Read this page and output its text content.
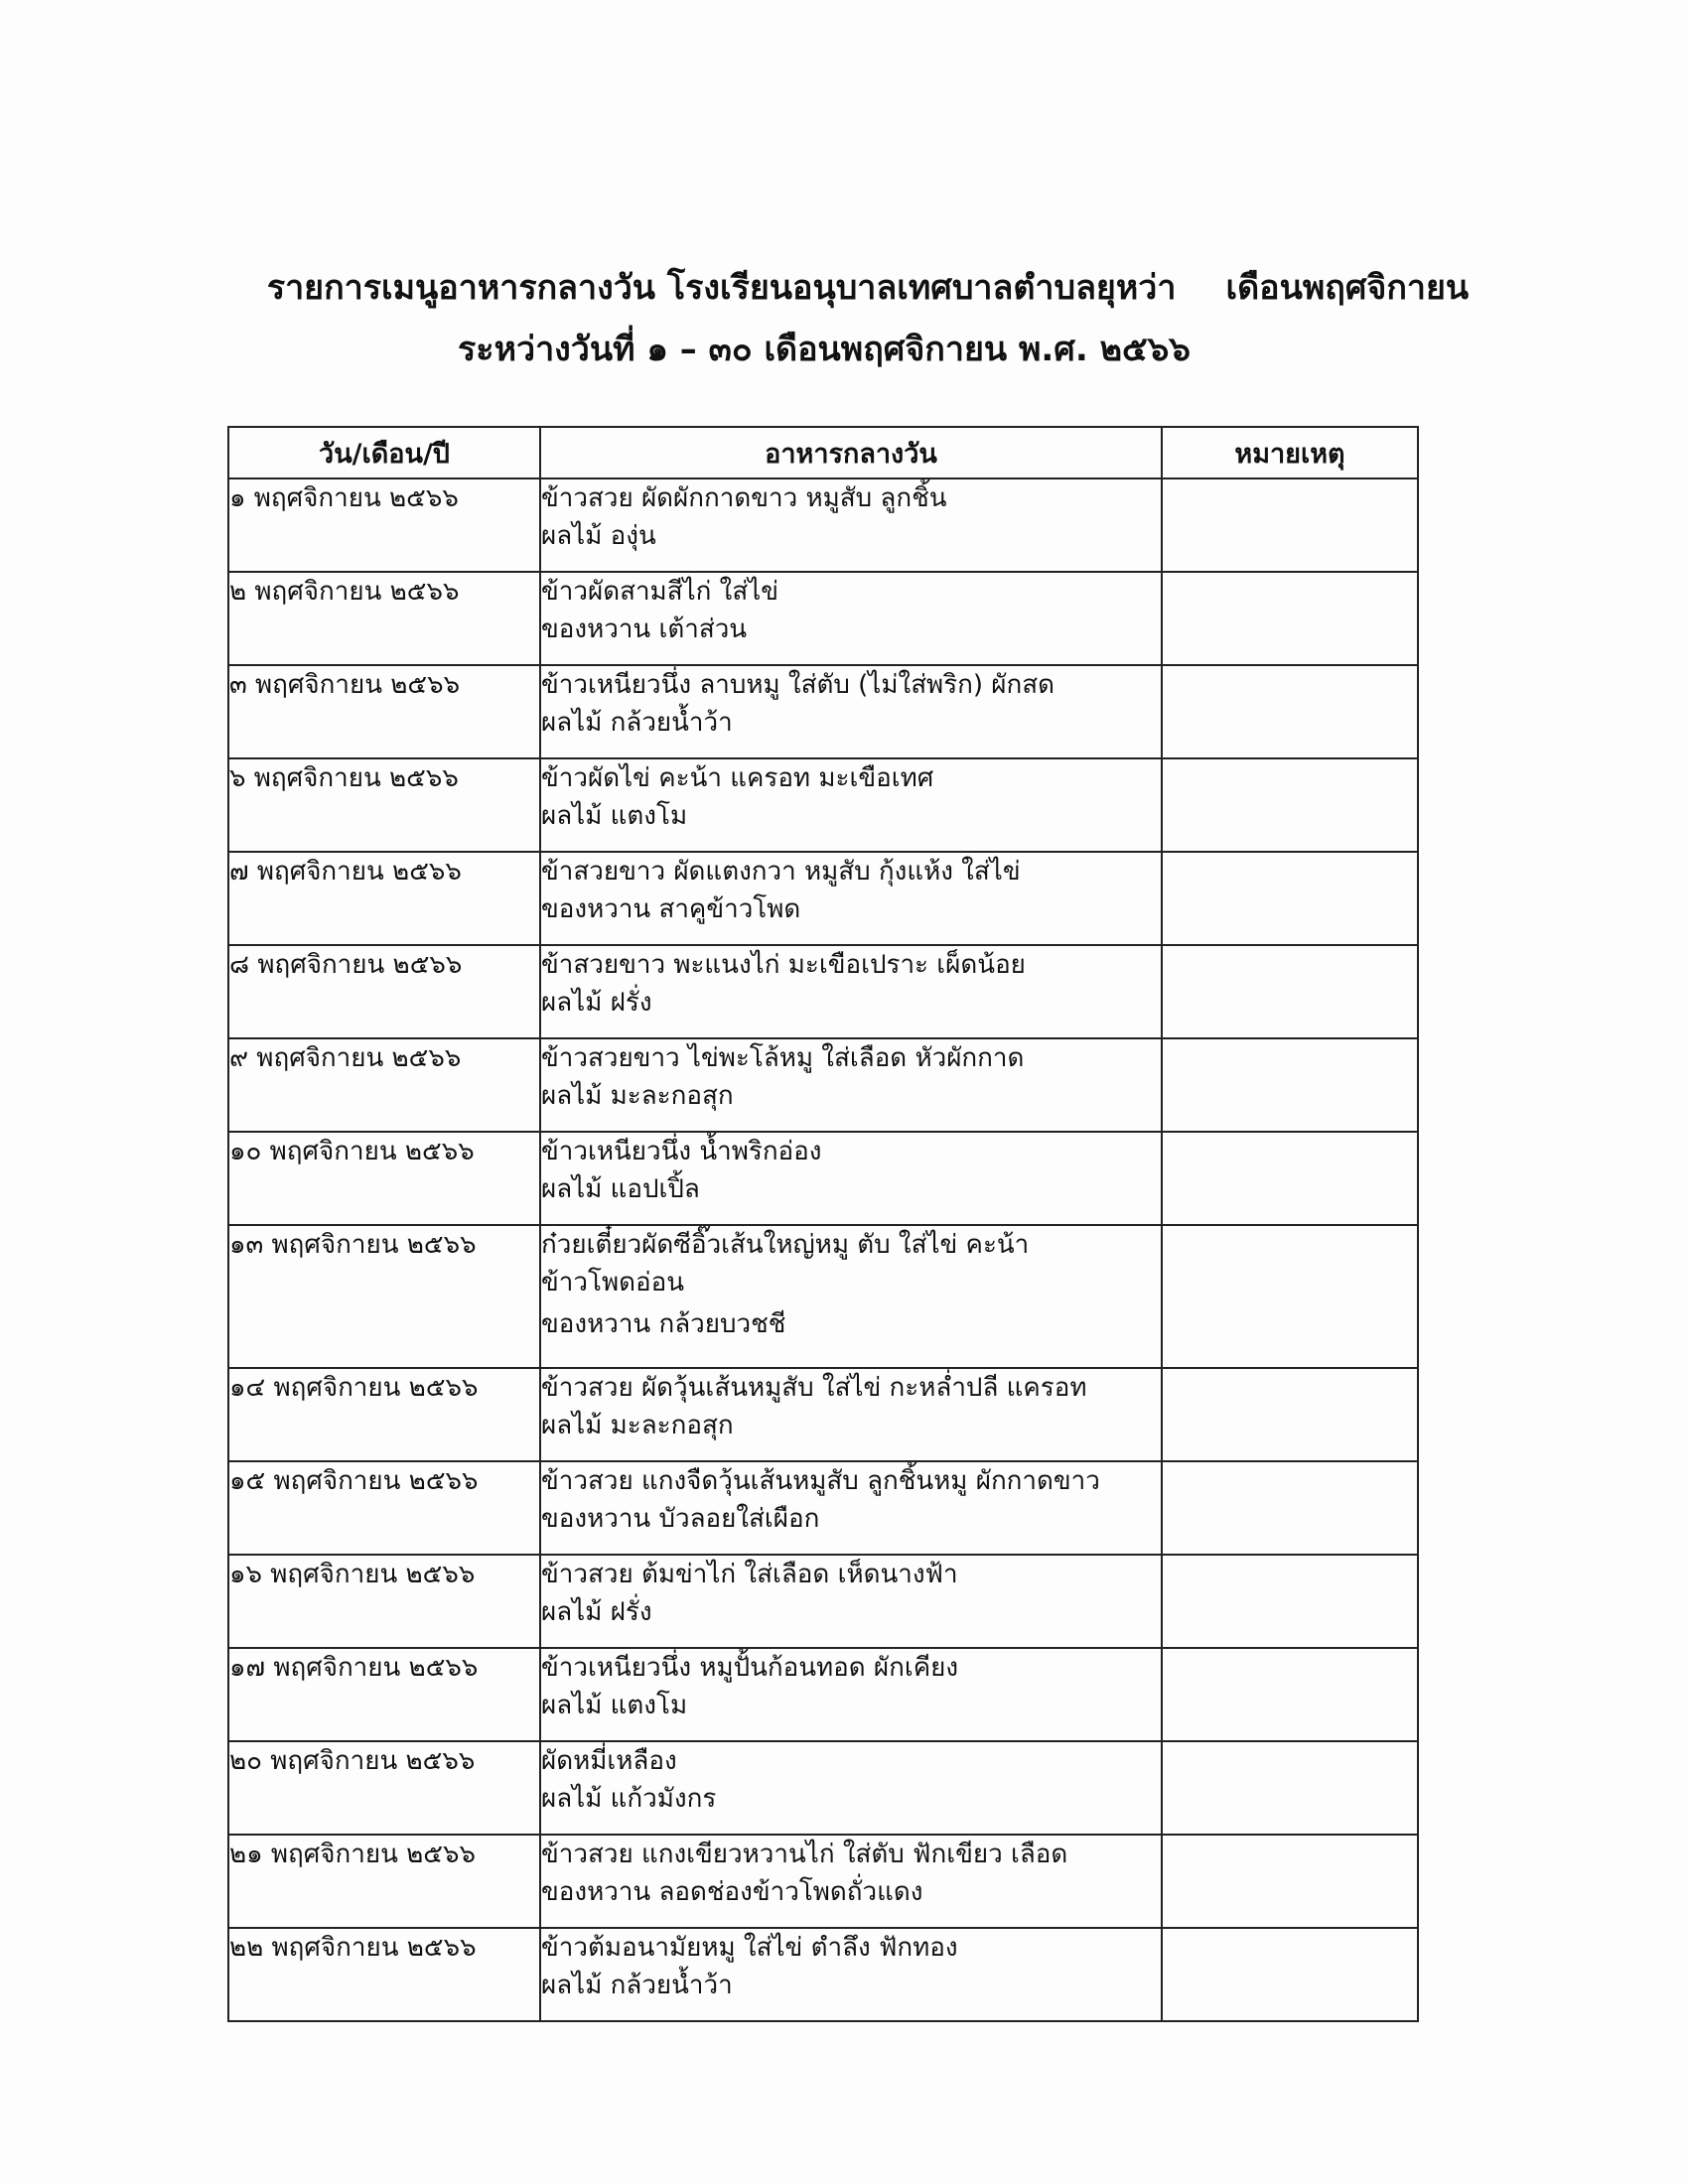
รายการเมนูอาหารกลางวัน โรงเรียนอนุบาลเทศบาลตำบลยุหว่า เดือนพฤศจิกายน
ระหว่างวันที่ ๑ – ๓๐ เดือนพฤศจิกายน พ.ศ. ๒๕๖๖
วัน/เดือน/ปี	อาหารกลางวัน	หมายเหตุ

๑ พฤศจิกายน ๒๕๖๖	ข้าวสวย ผัดผักกาดขาว หมูสับ ลูกชิ้น
ผลไม้ องุ่น	

๒ พฤศจิกายน ๒๕๖๖	ข้าวผัดสามสีไก่ ใส่ไข่
ของหวาน เต้าส่วน	

๓ พฤศจิกายน ๒๕๖๖	ข้าวเหนียวนึ่ง ลาบหมู ใส่ตับ (ไม่ใส่พริก) ผักสด
ผลไม้ กล้วยน้ำว้า	

๖ พฤศจิกายน ๒๕๖๖	ข้าวผัดไข่ คะน้า แครอท มะเขือเทศ
ผลไม้ แตงโม	

๗ พฤศจิกายน ๒๕๖๖	ข้าสวยขาว ผัดแตงกวา หมูสับ กุ้งแห้ง ใส่ไข่
ของหวาน สาคูข้าวโพด	

๘ พฤศจิกายน ๒๕๖๖	ข้าสวยขาว พะแนงไก่ มะเขือเปราะ เผ็ดน้อย
ผลไม้ ฝรั่ง	

๙ พฤศจิกายน ๒๕๖๖	ข้าวสวยขาว ไข่พะโล้หมู ใส่เลือด หัวผักกาด
ผลไม้ มะละกอสุก	

๑๐ พฤศจิกายน ๒๕๖๖	ข้าวเหนียวนึ่ง น้ำพริกอ่อง
ผลไม้ แอปเปิ้ล	

๑๓ พฤศจิกายน ๒๕๖๖	ก๋วยเตี๋ยวผัดซีอิ๊วเส้นใหญ่หมู ตับ ใส่ไข่ คะน้า
ข้าวโพดอ่อน
ของหวาน กล้วยบวชชี	

๑๔ พฤศจิกายน ๒๕๖๖	ข้าวสวย ผัดวุ้นเส้นหมูสับ ใส่ไข่ กะหล่ำปลี แครอท
ผลไม้ มะละกอสุก	

๑๕ พฤศจิกายน ๒๕๖๖	ข้าวสวย แกงจืดวุ้นเส้นหมูสับ ลูกชิ้นหมู ผักกาดขาว
ของหวาน บัวลอยใส่เผือก	

๑๖ พฤศจิกายน ๒๕๖๖	ข้าวสวย ต้มข่าไก่ ใส่เลือด เห็ดนางฟ้า
ผลไม้ ฝรั่ง	

๑๗ พฤศจิกายน ๒๕๖๖	ข้าวเหนียวนึ่ง หมูปั้นก้อนทอด ผักเคียง
ผลไม้ แตงโม	

๒๐ พฤศจิกายน ๒๕๖๖	ผัดหมี่เหลือง
ผลไม้ แก้วมังกร	

๒๑ พฤศจิกายน ๒๕๖๖	ข้าวสวย แกงเขียวหวานไก่ ใส่ตับ ฟักเขียว เลือด
ของหวาน ลอดช่องข้าวโพดถั่วแดง	

๒๒ พฤศจิกายน ๒๕๖๖	ข้าวต้มอนามัยหมู ใส่ไข่ ตำลึง ฟักทอง
ผลไม้ กล้วยน้ำว้า	
